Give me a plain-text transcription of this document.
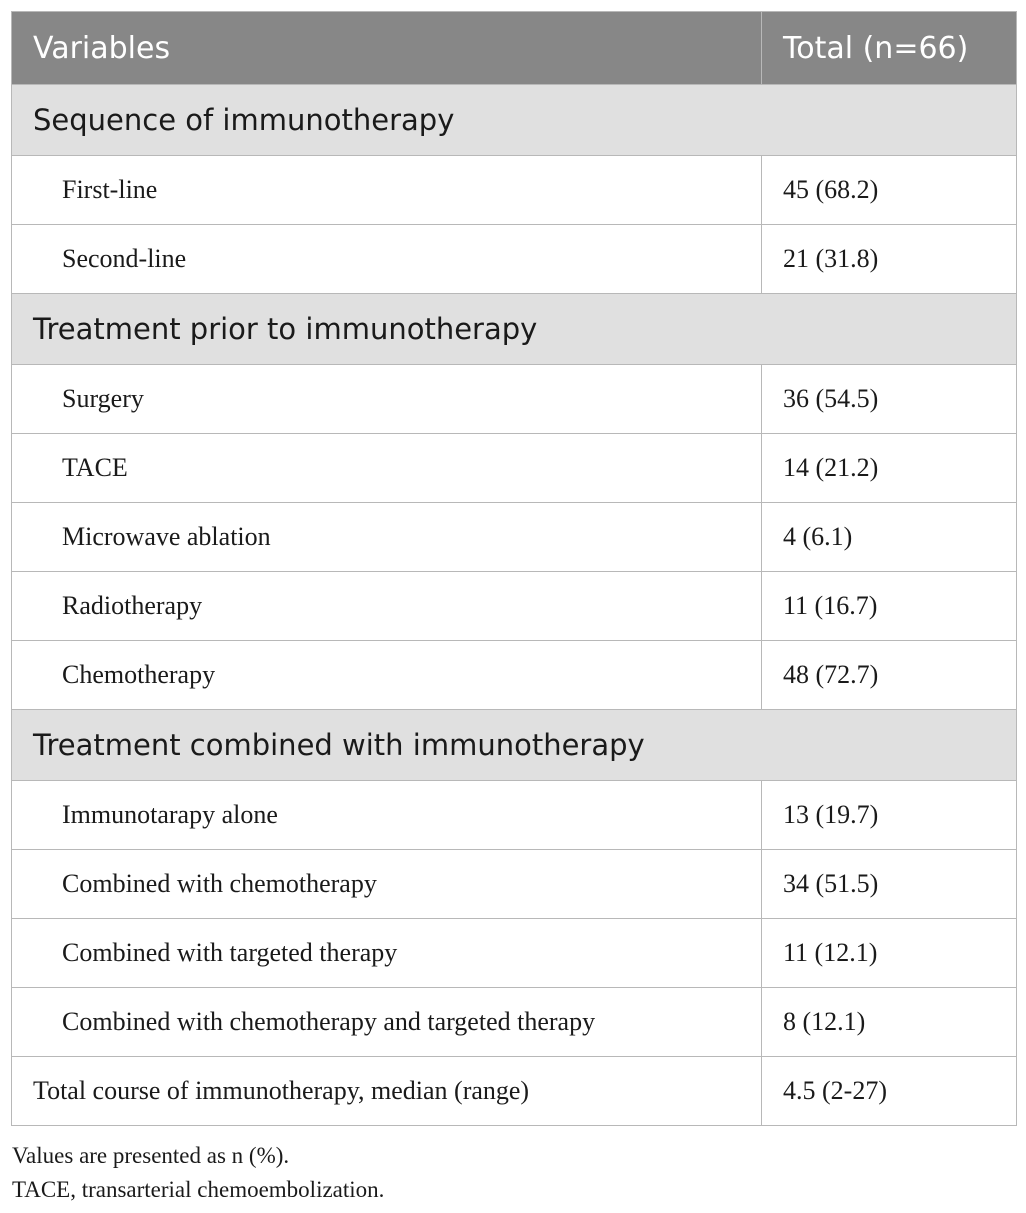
Variables	Total (n=66)
Sequence of immunotherapy	
First-line	45 (68.2)
Second-line	21 (31.8)
Treatment prior to immunotherapy	
Surgery	36 (54.5)
TACE	14 (21.2)
Microwave ablation	4 (6.1)
Radiotherapy	11 (16.7)
Chemotherapy	48 (72.7)
Treatment combined with immunotherapy	
Immunotarapy alone	13 (19.7)
Combined with chemotherapy	34 (51.5)
Combined with targeted therapy	11 (12.1)
Combined with chemotherapy and targeted therapy	8 (12.1)
Total course of immunotherapy, median (range)	4.5 (2-27)
Values are presented as n (%).
TACE, transarterial chemoembolization.
